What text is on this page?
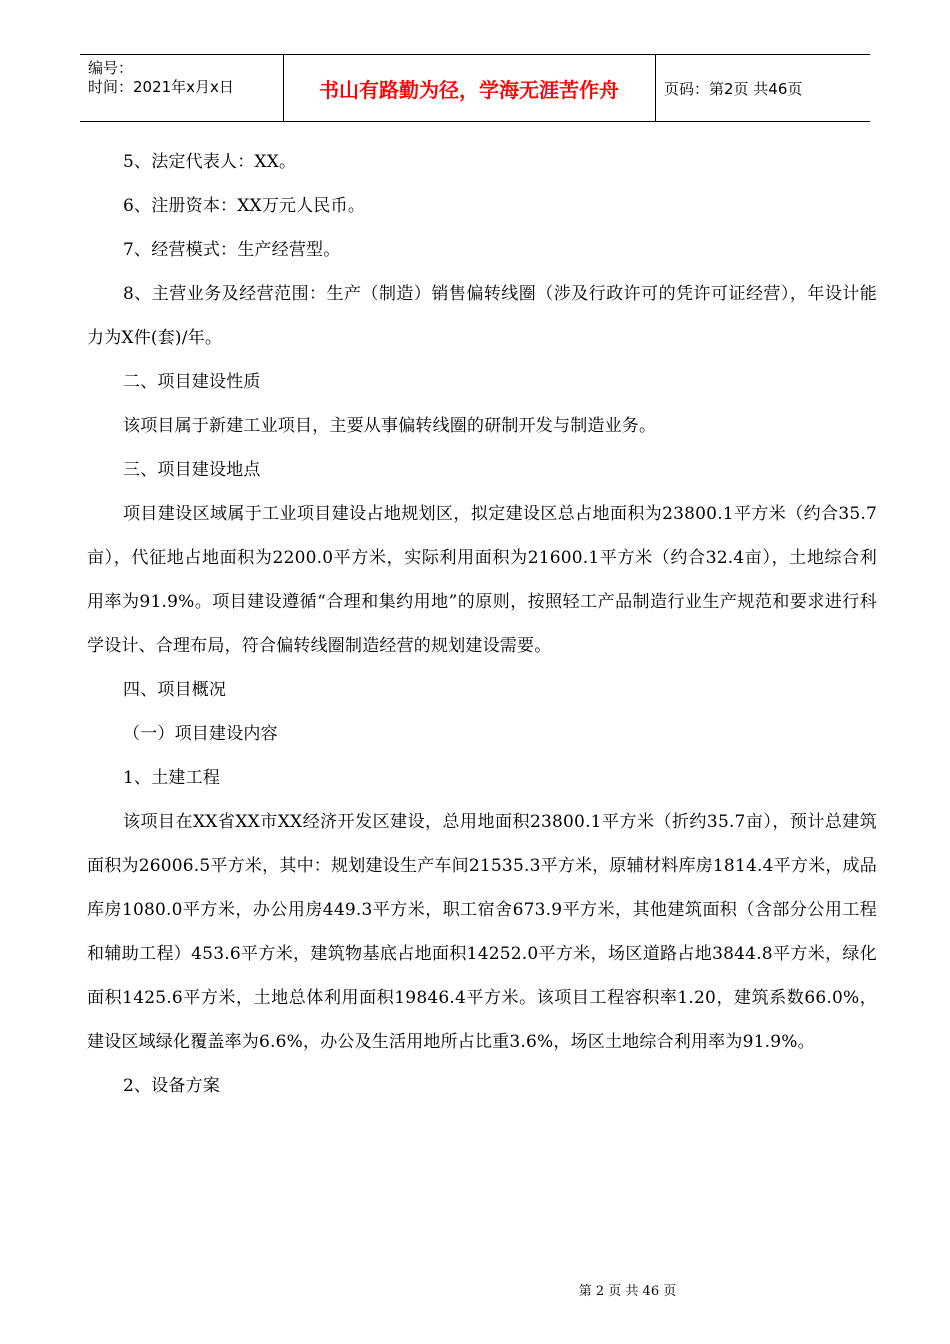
编号：
时间：2021年x月x日	书山有路勤为径，学海无涯苦作舟	页码：第2页 共46页

5、法定代表人：XX。

6、注册资本：XX万元人民币。

7、经营模式：生产经营型。

8、主营业务及经营范围：生产（制造）销售偏转线圈（涉及行政许可的凭许可证经营），年设计能力为X件(套)/年。

二、项目建设性质

该项目属于新建工业项目，主要从事偏转线圈的研制开发与制造业务。

三、项目建设地点

项目建设区域属于工业项目建设占地规划区，拟定建设区总占地面积为23800.1平方米（约合35.7亩），代征地占地面积为2200.0平方米，实际利用面积为21600.1平方米（约合32.4亩），土地综合利用率为91.9%。项目建设遵循“合理和集约用地”的原则，按照轻工产品制造行业生产规范和要求进行科学设计、合理布局，符合偏转线圈制造经营的规划建设需要。

四、项目概况

（一）项目建设内容

1、土建工程

该项目在XX省XX市XX经济开发区建设，总用地面积23800.1平方米（折约35.7亩），预计总建筑面积为26006.5平方米，其中：规划建设生产车间21535.3平方米，原辅材料库房1814.4平方米，成品库房1080.0平方米，办公用房449.3平方米，职工宿舍673.9平方米，其他建筑面积（含部分公用工程和辅助工程）453.6平方米，建筑物基底占地面积14252.0平方米，场区道路占地3844.8平方米，绿化面积1425.6平方米，土地总体利用面积19846.4平方米。该项目工程容积率1.20，建筑系数66.0%，建设区域绿化覆盖率为6.6%，办公及生活用地所占比重3.6%，场区土地综合利用率为91.9%。

2、设备方案

第 2 页 共 46 页
